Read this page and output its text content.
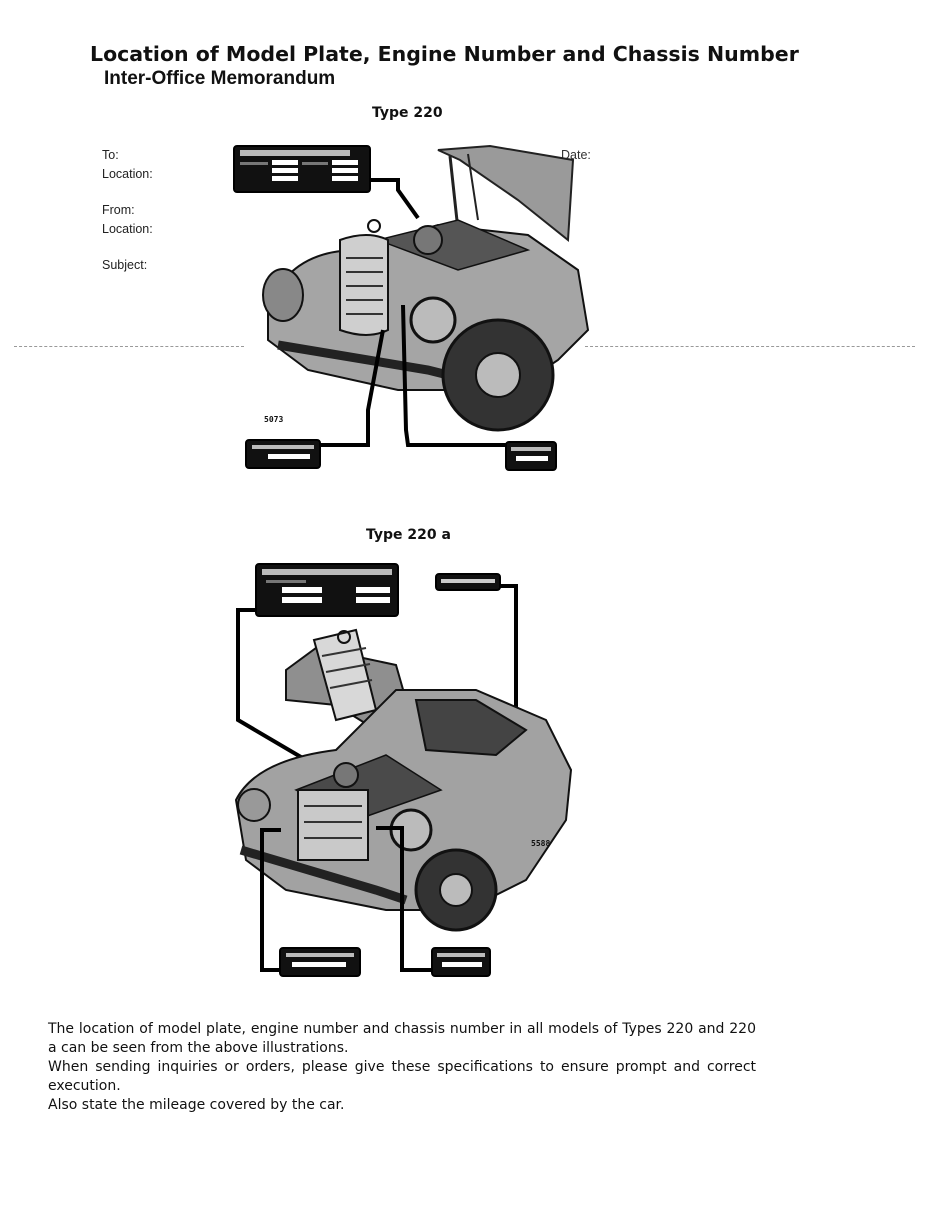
Location of Model Plate, Engine Number and Chassis Number
Inter-Office Memorandum
To:
Location:
From:
Location:
Subject:
Date:
Type 220
5073
Type 220 a
5588

The location of model plate, engine number and chassis number in all models of Types 220 and 220 a can be seen from the above illustrations.

When sending inquiries or orders, please give these specifications to ensure prompt and correct execution.

Also state the mileage covered by the car.
